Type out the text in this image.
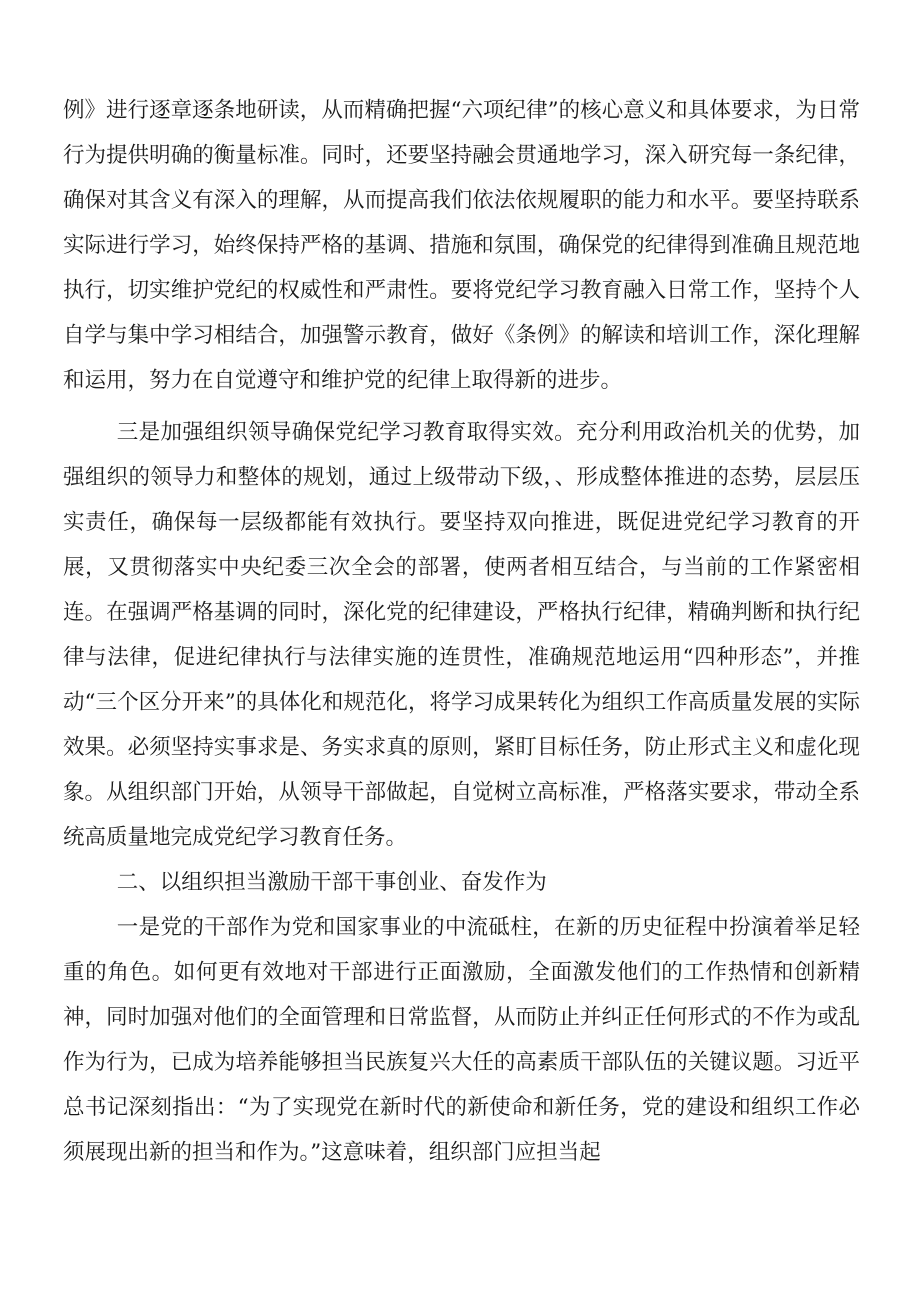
例》进行逐章逐条地研读，从而精确把握“六项纪律”的核心意义和具体要求，为日常行为提供明确的衡量标准。同时，还要坚持融会贯通地学习，深入研究每一条纪律，确保对其含义有深入的理解，从而提高我们依法依规履职的能力和水平。要坚持联系实际进行学习，始终保持严格的基调、措施和氛围，确保党的纪律得到准确且规范地执行，切实维护党纪的权威性和严肃性。要将党纪学习教育融入日常工作，坚持个人自学与集中学习相结合，加强警示教育，做好《条例》的解读和培训工作，深化理解和运用，努力在自觉遵守和维护党的纪律上取得新的进步。

三是加强组织领导确保党纪学习教育取得实效。充分利用政治机关的优势，加强组织的领导力和整体的规划，通过上级带动下级，、形成整体推进的态势，层层压实责任，确保每一层级都能有效执行。要坚持双向推进，既促进党纪学习教育的开展，又贯彻落实中央纪委三次全会的部署，使两者相互结合，与当前的工作紧密相连。在强调严格基调的同时，深化党的纪律建设，严格执行纪律，精确判断和执行纪律与法律，促进纪律执行与法律实施的连贯性，准确规范地运用“四种形态”，并推动“三个区分开来”的具体化和规范化，将学习成果转化为组织工作高质量发展的实际效果。必须坚持实事求是、务实求真的原则，紧盯目标任务，防止形式主义和虚化现象。从组织部门开始，从领导干部做起，自觉树立高标准，严格落实要求，带动全系统高质量地完成党纪学习教育任务。

二、以组织担当激励干部干事创业、奋发作为

一是党的干部作为党和国家事业的中流砥柱，在新的历史征程中扮演着举足轻重的角色。如何更有效地对干部进行正面激励，全面激发他们的工作热情和创新精神，同时加强对他们的全面管理和日常监督，从而防止并纠正任何形式的不作为或乱作为行为，已成为培养能够担当民族复兴大任的高素质干部队伍的关键议题。习近平总书记深刻指出：“为了实现党在新时代的新使命和新任务，党的建设和组织工作必须展现出新的担当和作为。”这意味着，组织部门应担当起
